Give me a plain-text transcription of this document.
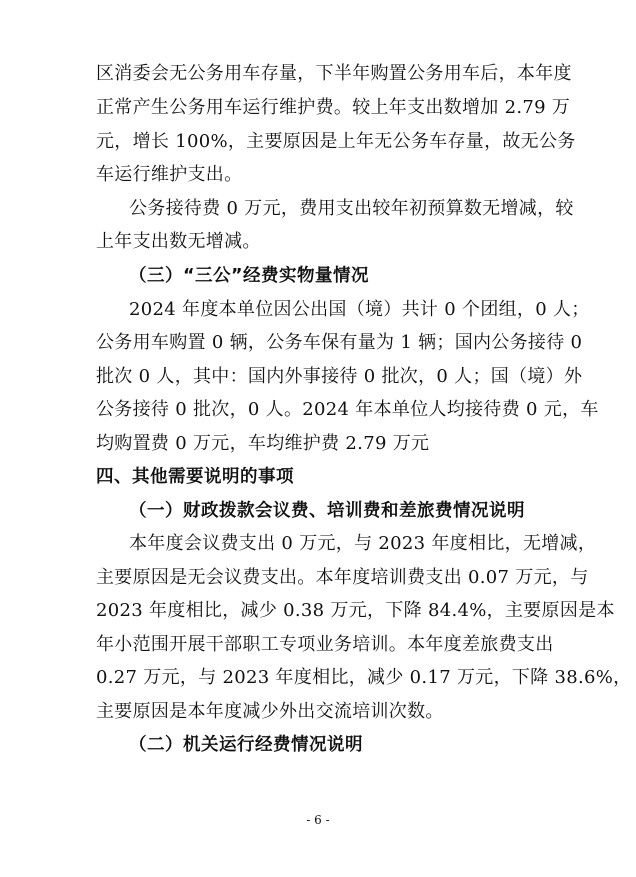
区消委会无公务用车存量，下半年购置公务用车后，本年度
正常产生公务用车运行维护费。较上年支出数增加 2.79 万
元，增长 100%，主要原因是上年无公务车存量，故无公务
车运行维护支出。
公务接待费 0 万元，费用支出较年初预算数无增减，较
上年支出数无增减。
（三）“三公”经费实物量情况
2024 年度本单位因公出国（境）共计 0 个团组，0 人；
公务用车购置 0 辆，公务车保有量为 1 辆；国内公务接待 0
批次 0 人，其中：国内外事接待 0 批次，0 人；国（境）外
公务接待 0 批次，0 人。2024 年本单位人均接待费 0 元，车
均购置费 0 万元，车均维护费 2.79 万元
四、其他需要说明的事项
（一）财政拨款会议费、培训费和差旅费情况说明
本年度会议费支出 0 万元，与 2023 年度相比，无增减，
主要原因是无会议费支出。本年度培训费支出 0.07 万元，与
2023 年度相比，减少 0.38 万元，下降 84.4%，主要原因是本
年小范围开展干部职工专项业务培训。本年度差旅费支出
0.27 万元，与 2023 年度相比，减少 0.17 万元，下降 38.6%，
主要原因是本年度减少外出交流培训次数。
（二）机关运行经费情况说明
- 6 -
